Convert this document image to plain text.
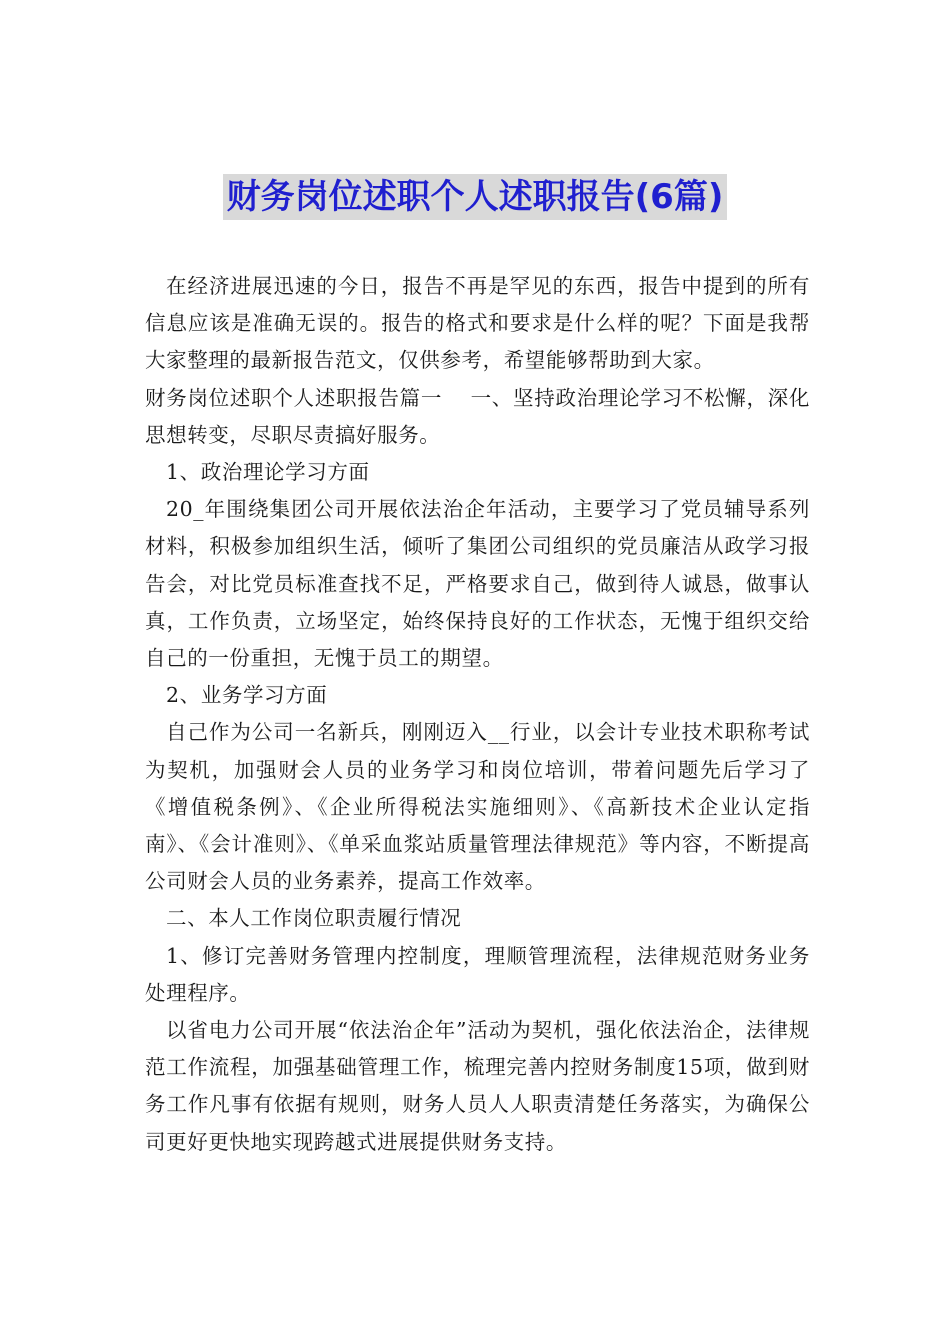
财务岗位述职个人述职报告(6篇)

在经济进展迅速的今日，报告不再是罕见的东西，报告中提到的所有信息应该是准确无误的。报告的格式和要求是什么样的呢？下面是我帮大家整理的最新报告范文，仅供参考，希望能够帮助到大家。

财务岗位述职个人述职报告篇一　 一、坚持政治理论学习不松懈，深化思想转变，尽职尽责搞好服务。

1、政治理论学习方面

20_年围绕集团公司开展依法治企年活动，主要学习了党员辅导系列材料，积极参加组织生活，倾听了集团公司组织的党员廉洁从政学习报告会，对比党员标准查找不足，严格要求自己，做到待人诚恳，做事认真，工作负责，立场坚定，始终保持良好的工作状态，无愧于组织交给自己的一份重担，无愧于员工的期望。

2、业务学习方面

自己作为公司一名新兵，刚刚迈入__行业，以会计专业技术职称考试为契机，加强财会人员的业务学习和岗位培训，带着问题先后学习了《增值税条例》、《企业所得税法实施细则》、《高新技术企业认定指南》、《会计准则》、《单采血浆站质量管理法律规范》等内容，不断提高公司财会人员的业务素养，提高工作效率。

二、本人工作岗位职责履行情况

1、修订完善财务管理内控制度，理顺管理流程，法律规范财务业务处理程序。

以省电力公司开展“依法治企年”活动为契机，强化依法治企，法律规范工作流程，加强基础管理工作，梳理完善内控财务制度15项，做到财务工作凡事有依据有规则，财务人员人人职责清楚任务落实，为确保公司更好更快地实现跨越式进展提供财务支持。
